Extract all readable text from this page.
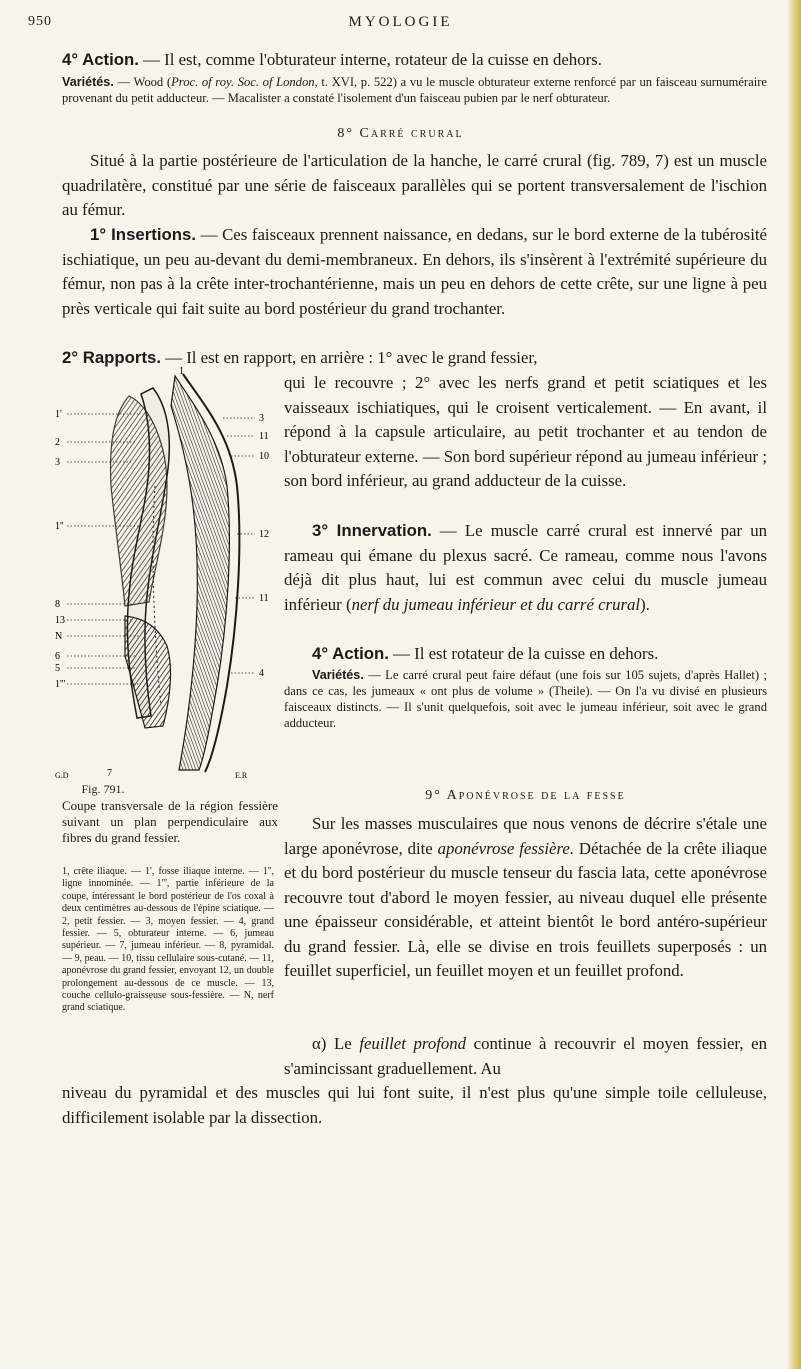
950	MYOLOGIE
4° Action. — Il est, comme l'obturateur interne, rotateur de la cuisse en dehors.
Variétés. — Wood (Proc. of roy. Soc. of London, t. XVI, p. 522) a vu le muscle obturateur externe renforcé par un faisceau surnuméraire provenant du petit adducteur. — Macalister a constaté l'isolement d'un faisceau pubien par le nerf obturateur.
8° Carré crural
Situé à la partie postérieure de l'articulation de la hanche, le carré crural (fig. 789, 7) est un muscle quadrilatère, constitué par une série de faisceaux parallèles qui se portent transversalement de l'ischion au fémur.
1° Insertions. — Ces faisceaux prennent naissance, en dedans, sur le bord externe de la tubérosité ischiatique, un peu au-devant du demi-membraneux. En dehors, ils s'insèrent à l'extrémité supérieure du fémur, non pas à la crête inter-trochantérienne, mais un peu en dehors de cette crête, sur une ligne à peu près verticale qui fait suite au bord postérieur du grand trochanter.
2° Rapports. — Il est en rapport, en arrière : 1° avec le grand fessier,
qui le recouvre ; 2° avec les nerfs grand et petit sciatiques et les vaisseaux ischiatiques, qui le croisent verticalement. — En avant, il répond à la capsule articulaire, au petit trochanter et au tendon de l'obturateur externe. — Son bord supérieur répond au jumeau inférieur ; son bord inférieur, au grand adducteur de la cuisse.
3° Innervation. — Le muscle carré crural est innervé par un rameau qui émane du plexus sacré. Ce rameau, comme nous l'avons déjà dit plus haut, lui est commun avec celui du muscle jumeau inférieur (nerf du jumeau inférieur et du carré crural).
4° Action. — Il est rotateur de la cuisse en dehors.
Variétés. — Le carré crural peut faire défaut (une fois sur 105 sujets, d'après Hallet) ; dans ce cas, les jumeaux « ont plus de volume » (Theile). — On l'a vu divisé en plusieurs faisceaux distincts. — Il s'unit quelquefois, soit avec le jumeau inférieur, soit avec le grand adducteur.
1
1'
2
3
1''
8
13
N
6
5
1'''
3
11
10
12
11
4
G.D	7	E.R
Fig. 791.
Coupe transversale de la région fessière suivant un plan perpendiculaire aux fibres du grand fessier.
1, crête iliaque. — 1', fosse iliaque interne. — 1'', ligne innominée. — 1''', partie inférieure de la coupe, intéressant le bord postérieur de l'os coxal à deux centimètres au-dessous de l'épine sciatique. — 2, petit fessier. — 3, moyen fessier. — 4, grand fessier. — 5, obturateur interne. — 6, jumeau supérieur. — 7, jumeau inférieur. — 8, pyramidal. — 9, peau. — 10, tissu cellulaire sous-cutané. — 11, aponévrose du grand fessier, envoyant 12, un double prolongement au-dessous de ce muscle. — 13, couche cellulo-graisseuse sous-fessière. — N, nerf grand sciatique.
9° Aponévrose de la fesse
Sur les masses musculaires que nous venons de décrire s'étale une large aponévrose, dite aponévrose fessière. Détachée de la crête iliaque et du bord postérieur du muscle tenseur du fascia lata, cette aponévrose recouvre tout d'abord le moyen fessier, au niveau duquel elle présente une épaisseur considérable, et atteint bientôt le bord antéro-supérieur du grand fessier. Là, elle se divise en trois feuillets superposés : un feuillet superficiel, un feuillet moyen et un feuillet profond.
α) Le feuillet profond continue à recouvrir el moyen fessier, en s'amincissant graduellement. Au
niveau du pyramidal et des muscles qui lui font suite, il n'est plus qu'une simple toile celluleuse, difficilement isolable par la dissection.
